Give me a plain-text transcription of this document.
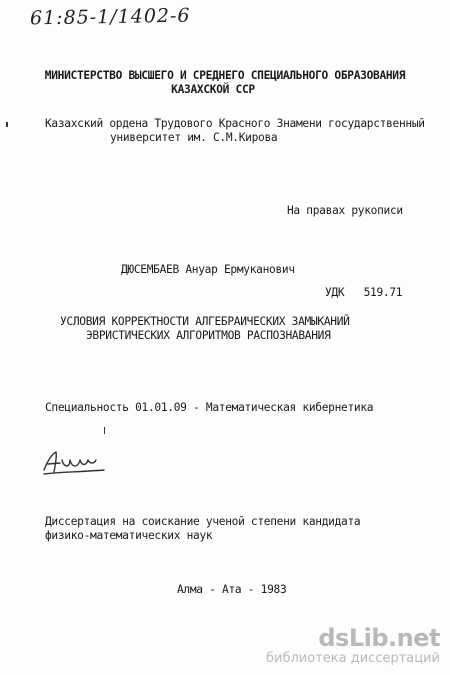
61:85-1/1402-6
МИНИСТЕРСТВО ВЫСШЕГО И СРЕДНЕГО СПЕЦИАЛЬНОГО ОБРАЗОВАНИЯ
КАЗАХСКОЙ ССР
Казахский ордена Трудового Красного Знамени государственный
университет им. С.М.Кирова
На правах рукописи
ДЮСЕМБАЕВ Ануар Ермуканович
УДК 519.71
УСЛОВИЯ КОРРЕКТНОСТИ АЛГЕБРАИЧЕСКИХ ЗАМЫКАНИЙ
ЭВРИСТИЧЕСКИХ АЛГОРИТМОВ РАСПОЗНАВАНИЯ
Специальность 01.01.09 - Математическая кибернетика
Диссертация на соискание ученой степени кандидата
физико-математических наук
Алма - Ата - 1983
dsLib.net
библиотека диссертаций
